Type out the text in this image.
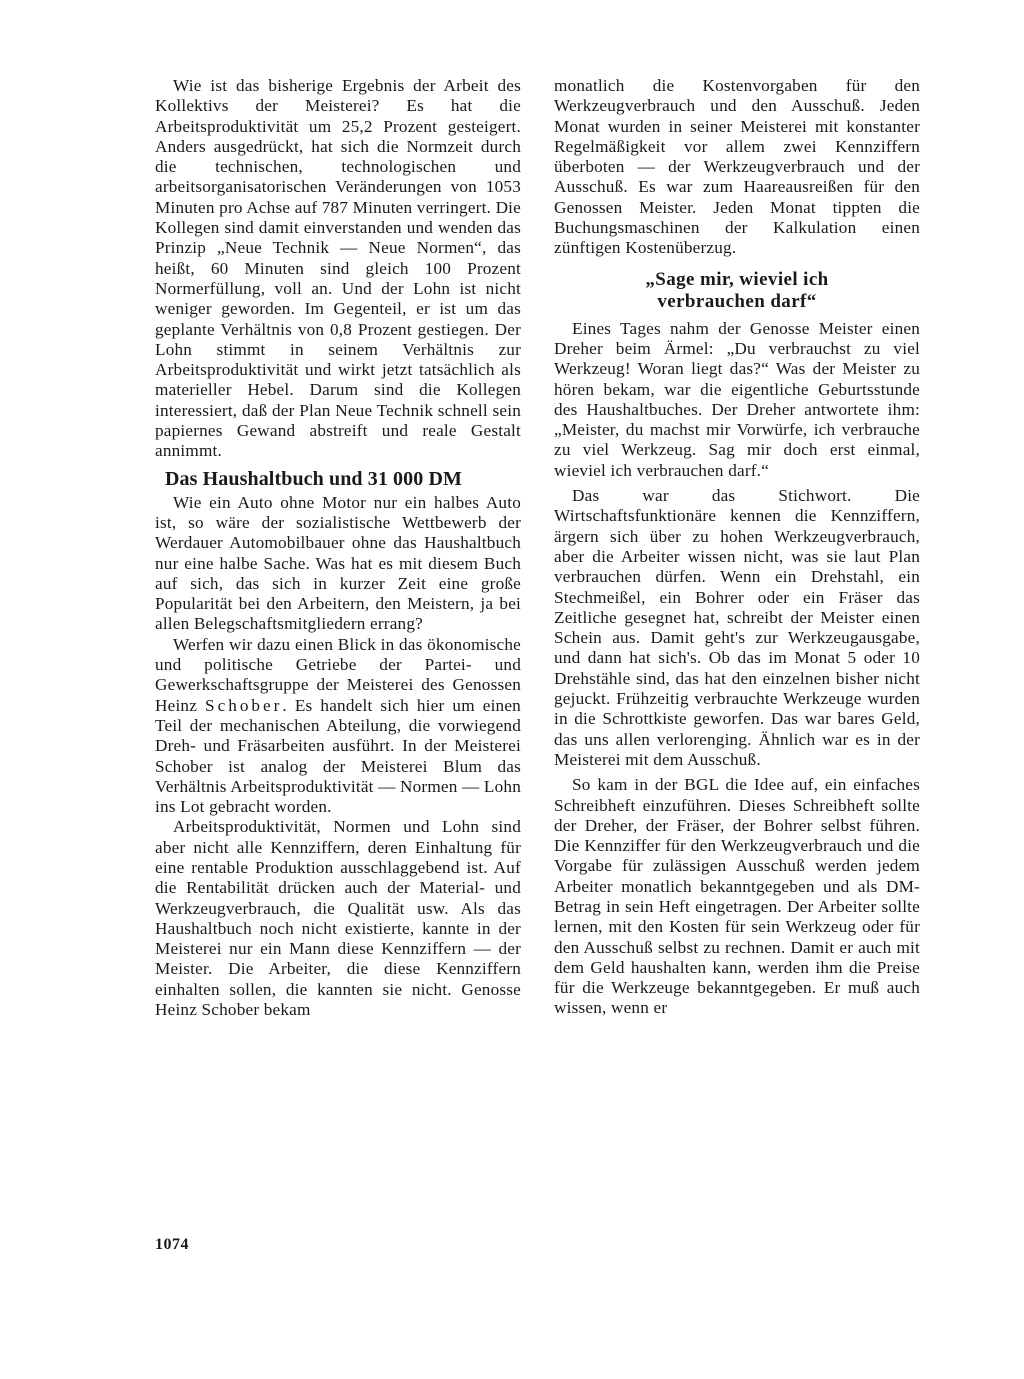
Wie ist das bisherige Ergebnis der Arbeit des Kollektivs der Meisterei? Es hat die Arbeitsproduktivität um 25,2 Prozent gesteigert. Anders ausgedrückt, hat sich die Normzeit durch die technischen, technologischen und arbeitsorganisatorischen Veränderungen von 1053 Minuten pro Achse auf 787 Minuten verringert. Die Kollegen sind damit einverstanden und wenden das Prinzip „Neue Technik — Neue Normen“, das heißt, 60 Minuten sind gleich 100 Prozent Normerfüllung, voll an. Und der Lohn ist nicht weniger geworden. Im Gegenteil, er ist um das geplante Verhältnis von 0,8 Prozent gestiegen. Der Lohn stimmt in seinem Verhältnis zur Arbeitsproduktivität und wirkt jetzt tatsächlich als materieller Hebel. Darum sind die Kollegen interessiert, daß der Plan Neue Technik schnell sein papiernes Gewand abstreift und reale Gestalt annimmt.

Das Haushaltbuch und 31 000 DM

Wie ein Auto ohne Motor nur ein halbes Auto ist, so wäre der sozialistische Wettbewerb der Werdauer Automobilbauer ohne das Haushaltbuch nur eine halbe Sache. Was hat es mit diesem Buch auf sich, das sich in kurzer Zeit eine große Popularität bei den Arbeitern, den Meistern, ja bei allen Belegschaftsmitgliedern errang?

Werfen wir dazu einen Blick in das ökonomische und politische Getriebe der Partei- und Gewerkschaftsgruppe der Meisterei des Genossen Heinz Schober. Es handelt sich hier um einen Teil der mechanischen Abteilung, die vorwiegend Dreh- und Fräsarbeiten ausführt. In der Meisterei Schober ist analog der Meisterei Blum das Verhältnis Arbeitsproduktivität — Normen — Lohn ins Lot gebracht worden.

Arbeitsproduktivität, Normen und Lohn sind aber nicht alle Kennziffern, deren Einhaltung für eine rentable Produktion ausschlaggebend ist. Auf die Rentabilität drücken auch der Material- und Werkzeugverbrauch, die Qualität usw. Als das Haushaltbuch noch nicht existierte, kannte in der Meisterei nur ein Mann diese Kennziffern — der Meister. Die Arbeiter, die diese Kennziffern einhalten sollen, die kannten sie nicht. Genosse Heinz Schober bekam

monatlich die Kostenvorgaben für den Werkzeugverbrauch und den Ausschuß. Jeden Monat wurden in seiner Meisterei mit konstanter Regelmäßigkeit vor allem zwei Kennziffern überboten — der Werkzeugverbrauch und der Ausschuß. Es war zum Haareausreißen für den Genossen Meister. Jeden Monat tippten die Buchungsmaschinen der Kalkulation einen zünftigen Kostenüberzug.

„Sage mir, wieviel ich
verbrauchen darf“

Eines Tages nahm der Genosse Meister einen Dreher beim Ärmel: „Du verbrauchst zu viel Werkzeug! Woran liegt das?“ Was der Meister zu hören bekam, war die eigentliche Geburtsstunde des Haushaltbuches. Der Dreher antwortete ihm: „Meister, du machst mir Vorwürfe, ich verbrauche zu viel Werkzeug. Sag mir doch erst einmal, wieviel ich verbrauchen darf.“

Das war das Stichwort. Die Wirtschaftsfunktionäre kennen die Kennziffern, ärgern sich über zu hohen Werkzeugverbrauch, aber die Arbeiter wissen nicht, was sie laut Plan verbrauchen dürfen. Wenn ein Drehstahl, ein Stechmeißel, ein Bohrer oder ein Fräser das Zeitliche gesegnet hat, schreibt der Meister einen Schein aus. Damit geht's zur Werkzeugausgabe, und dann hat sich's. Ob das im Monat 5 oder 10 Drehstähle sind, das hat den einzelnen bisher nicht gejuckt. Frühzeitig verbrauchte Werkzeuge wurden in die Schrottkiste geworfen. Das war bares Geld, das uns allen verlorenging. Ähnlich war es in der Meisterei mit dem Ausschuß.

So kam in der BGL die Idee auf, ein einfaches Schreibheft einzuführen. Dieses Schreibheft sollte der Dreher, der Fräser, der Bohrer selbst führen. Die Kennziffer für den Werkzeugverbrauch und die Vorgabe für zulässigen Ausschuß werden jedem Arbeiter monatlich bekanntgegeben und als DM-Betrag in sein Heft eingetragen. Der Arbeiter sollte lernen, mit den Kosten für sein Werkzeug oder für den Ausschuß selbst zu rechnen. Damit er auch mit dem Geld haushalten kann, werden ihm die Preise für die Werkzeuge bekanntgegeben. Er muß auch wissen, wenn er

1074
